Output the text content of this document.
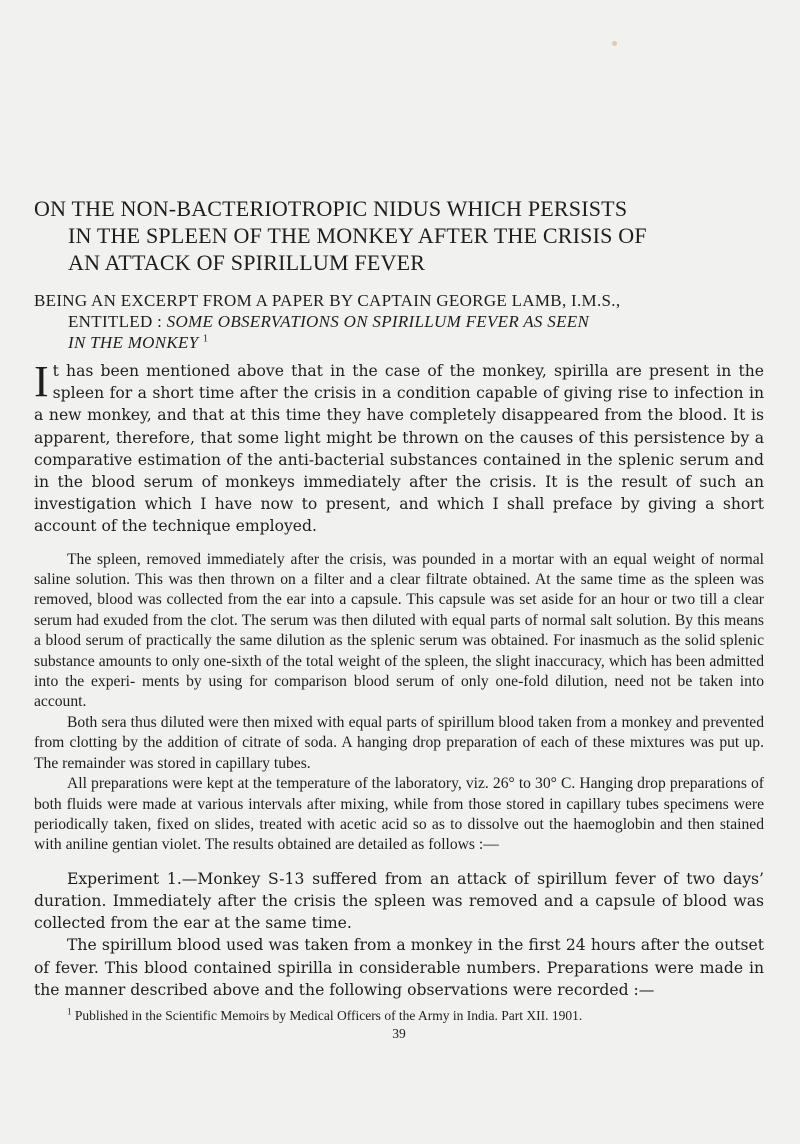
ON THE NON-BACTERIOTROPIC NIDUS WHICH PERSISTS
IN THE SPLEEN OF THE MONKEY AFTER THE CRISIS OF
AN ATTACK OF SPIRILLUM FEVER

BEING AN EXCERPT FROM A PAPER BY CAPTAIN GEORGE LAMB, I.M.S.,
ENTITLED : SOME OBSERVATIONS ON SPIRILLUM FEVER AS SEEN
IN THE MONKEY $^1$

It has been mentioned above that in the case of the monkey, spirilla are present in the spleen for a short time after the crisis in a condition capable of giving rise to infection in a new monkey, and that at this time they have completely disappeared from the blood. It is apparent, therefore, that some light might be thrown on the causes of this persistence by a comparative estimation of the anti-bacterial substances contained in the splenic serum and in the blood serum of monkeys immediately after the crisis. It is the result of such an investigation which I have now to present, and which I shall preface by giving a short account of the technique employed.

The spleen, removed immediately after the crisis, was pounded in a mortar with an equal weight of normal saline solution. This was then thrown on a filter and a clear filtrate obtained. At the same time as the spleen was removed, blood was collected from the ear into a capsule. This capsule was set aside for an hour or two till a clear serum had exuded from the clot. The serum was then diluted with equal parts of normal salt solution. By this means a blood serum of practically the same dilution as the splenic serum was obtained. For inasmuch as the solid splenic substance amounts to only one-sixth of the total weight of the spleen, the slight inaccuracy, which has been admitted into the experi- ments by using for comparison blood serum of only one-fold dilution, need not be taken into account.

Both sera thus diluted were then mixed with equal parts of spirillum blood taken from a monkey and prevented from clotting by the addition of citrate of soda. A hanging drop preparation of each of these mixtures was put up. The remainder was stored in capillary tubes.

All preparations were kept at the temperature of the laboratory, viz. 26° to 30° C. Hanging drop preparations of both fluids were made at various intervals after mixing, while from those stored in capillary tubes specimens were periodically taken, fixed on slides, treated with acetic acid so as to dissolve out the haemoglobin and then stained with aniline gentian violet. The results obtained are detailed as follows :—

Experiment 1.—Monkey S-13 suffered from an attack of spirillum fever of two days’ duration. Immediately after the crisis the spleen was removed and a capsule of blood was collected from the ear at the same time.

The spirillum blood used was taken from a monkey in the first 24 hours after the outset of fever. This blood contained spirilla in considerable numbers. Preparations were made in the manner described above and the following observations were recorded :—

$^1$ Published in the Scientific Memoirs by Medical Officers of the Army in India. Part XII. 1901.

39
